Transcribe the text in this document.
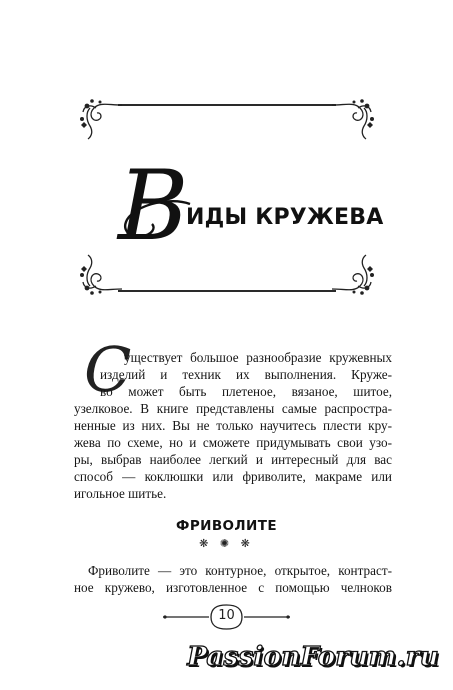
В ИДЫ КРУЖЕВА
С
уществует большое разнообразие кружевных
изделий и техник их выполнения. Круже-
во может быть плетеное, вязаное, шитое,
узелковое. В книге представлены самые распростра-
ненные из них. Вы не только научитесь плести кру-
жева по схеме, но и сможете придумывать свои узо-
ры, выбрав наиболее легкий и интересный для вас
способ — коклюшки или фриволите, макраме или
игольное шитье.
ФРИВОЛИТЕ
❋ ✺ ❋
Фриволите — это контурное, открытое, контраст-
ное кружево, изготовленное с помощью челноков
10
PassionForum.ru
